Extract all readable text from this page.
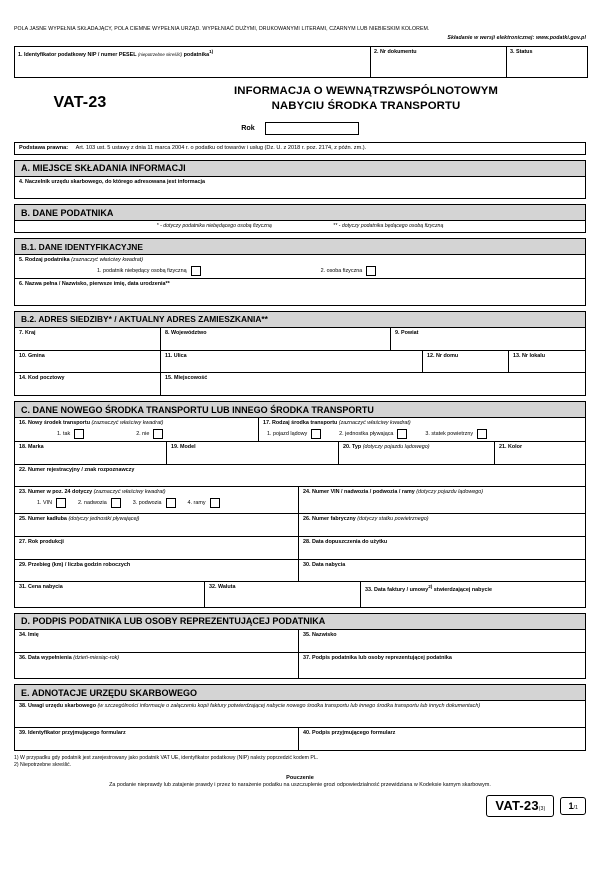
POLA JASNE WYPEŁNIA SKŁADAJĄCY, POLA CIEMNE WYPEŁNIA URZĄD. WYPEŁNIAĆ DUŻYMI, DRUKOWANYMI LITERAMI, CZARNYM LUB NIEBIESKIM KOLOREM.
Składanie w wersji elektronicznej: www.podatki.gov.pl
1. Identyfikator podatkowy NIP / numer PESEL (niepotrzebne skreślić) podatnika$^{1)}$	2. Nr dokumentu	3. Status
VAT-23
INFORMACJA O WEWNĄTRZWSPÓLNOTOWYM
NABYCIU ŚRODKA TRANSPORTU
Rok
Podstawa prawna: Art. 103 ust. 5 ustawy z dnia 11 marca 2004 r. o podatku od towarów i usług (Dz. U. z 2018 r. poz. 2174, z późn. zm.).
A. MIEJSCE SKŁADANIA INFORMACJI
4. Naczelnik urzędu skarbowego, do którego adresowana jest informacja
B. DANE PODATNIKA
* - dotyczy podatnika niebędącego osobą fizyczną	** - dotyczy podatnika będącego osobą fizyczną
B.1. DANE IDENTYFIKACYJNE
5. Rodzaj podatnika (zaznaczyć właściwy kwadrat)
1. podatnik niebędący osobą fizyczną	2. osoba fizyczna
6. Nazwa pełna / Nazwisko, pierwsze imię, data urodzenia**
B.2. ADRES SIEDZIBY* / AKTUALNY ADRES ZAMIESZKANIA**
7. Kraj	8. Województwo	9. Powiat
10. Gmina	11. Ulica	12. Nr domu	13. Nr lokalu
14. Kod pocztowy	15. Miejscowość
C. DANE NOWEGO ŚRODKA TRANSPORTU LUB INNEGO ŚRODKA TRANSPORTU
16. Nowy środek transportu (zaznaczyć właściwy kwadrat)
1. tak	2. nie
17. Rodzaj środka transportu (zaznaczyć właściwy kwadrat)
1. pojazd lądowy	2. jednostka pływająca	3. statek powietrzny
18. Marka	19. Model	20. Typ (dotyczy pojazdu lądowego)	21. Kolor
22. Numer rejestracyjny / znak rozpoznawczy
23. Numer w poz. 24 dotyczy (zaznaczyć właściwy kwadrat)
1. VIN	2. nadwozia	3. podwozia	4. ramy
24. Numer VIN / nadwozia / podwozia / ramy (dotyczy pojazdu lądowego)
25. Numer kadłuba (dotyczy jednostki pływającej)	26. Numer fabryczny (dotyczy statku powietrznego)
27. Rok produkcji	28. Data dopuszczenia do użytku
29. Przebieg (km) / liczba godzin roboczych	30. Data nabycia
31. Cena nabycia	32. Waluta	33. Data faktury / umowy$^{2)}$ stwierdzającej nabycie
D. PODPIS PODATNIKA LUB OSOBY REPREZENTUJĄCEJ PODATNIKA
34. Imię	35. Nazwisko
36. Data wypełnienia (dzień-miesiąc-rok)	37. Podpis podatnika lub osoby reprezentującej podatnika
E. ADNOTACJE URZĘDU SKARBOWEGO
38. Uwagi urzędu skarbowego (w szczególności informacje o załączeniu kopii faktury potwierdzającej nabycie nowego środka transportu lub innego środka transportu lub innych dokumentach)
39. Identyfikator przyjmującego formularz	40. Podpis przyjmującego formularz
1) W przypadku gdy podatnik jest zarejestrowany jako podatnik VAT UE, identyfikator podatkowy (NIP) należy poprzedzić kodem PL.
2) Niepotrzebne skreślić.
Pouczenie
Za podanie nieprawdy lub zatajenie prawdy i przez to narażenie podatku na uszczuplenie grozi odpowiedzialność przewidziana w Kodeksie karnym skarbowym.
VAT-23(3)	1/1
